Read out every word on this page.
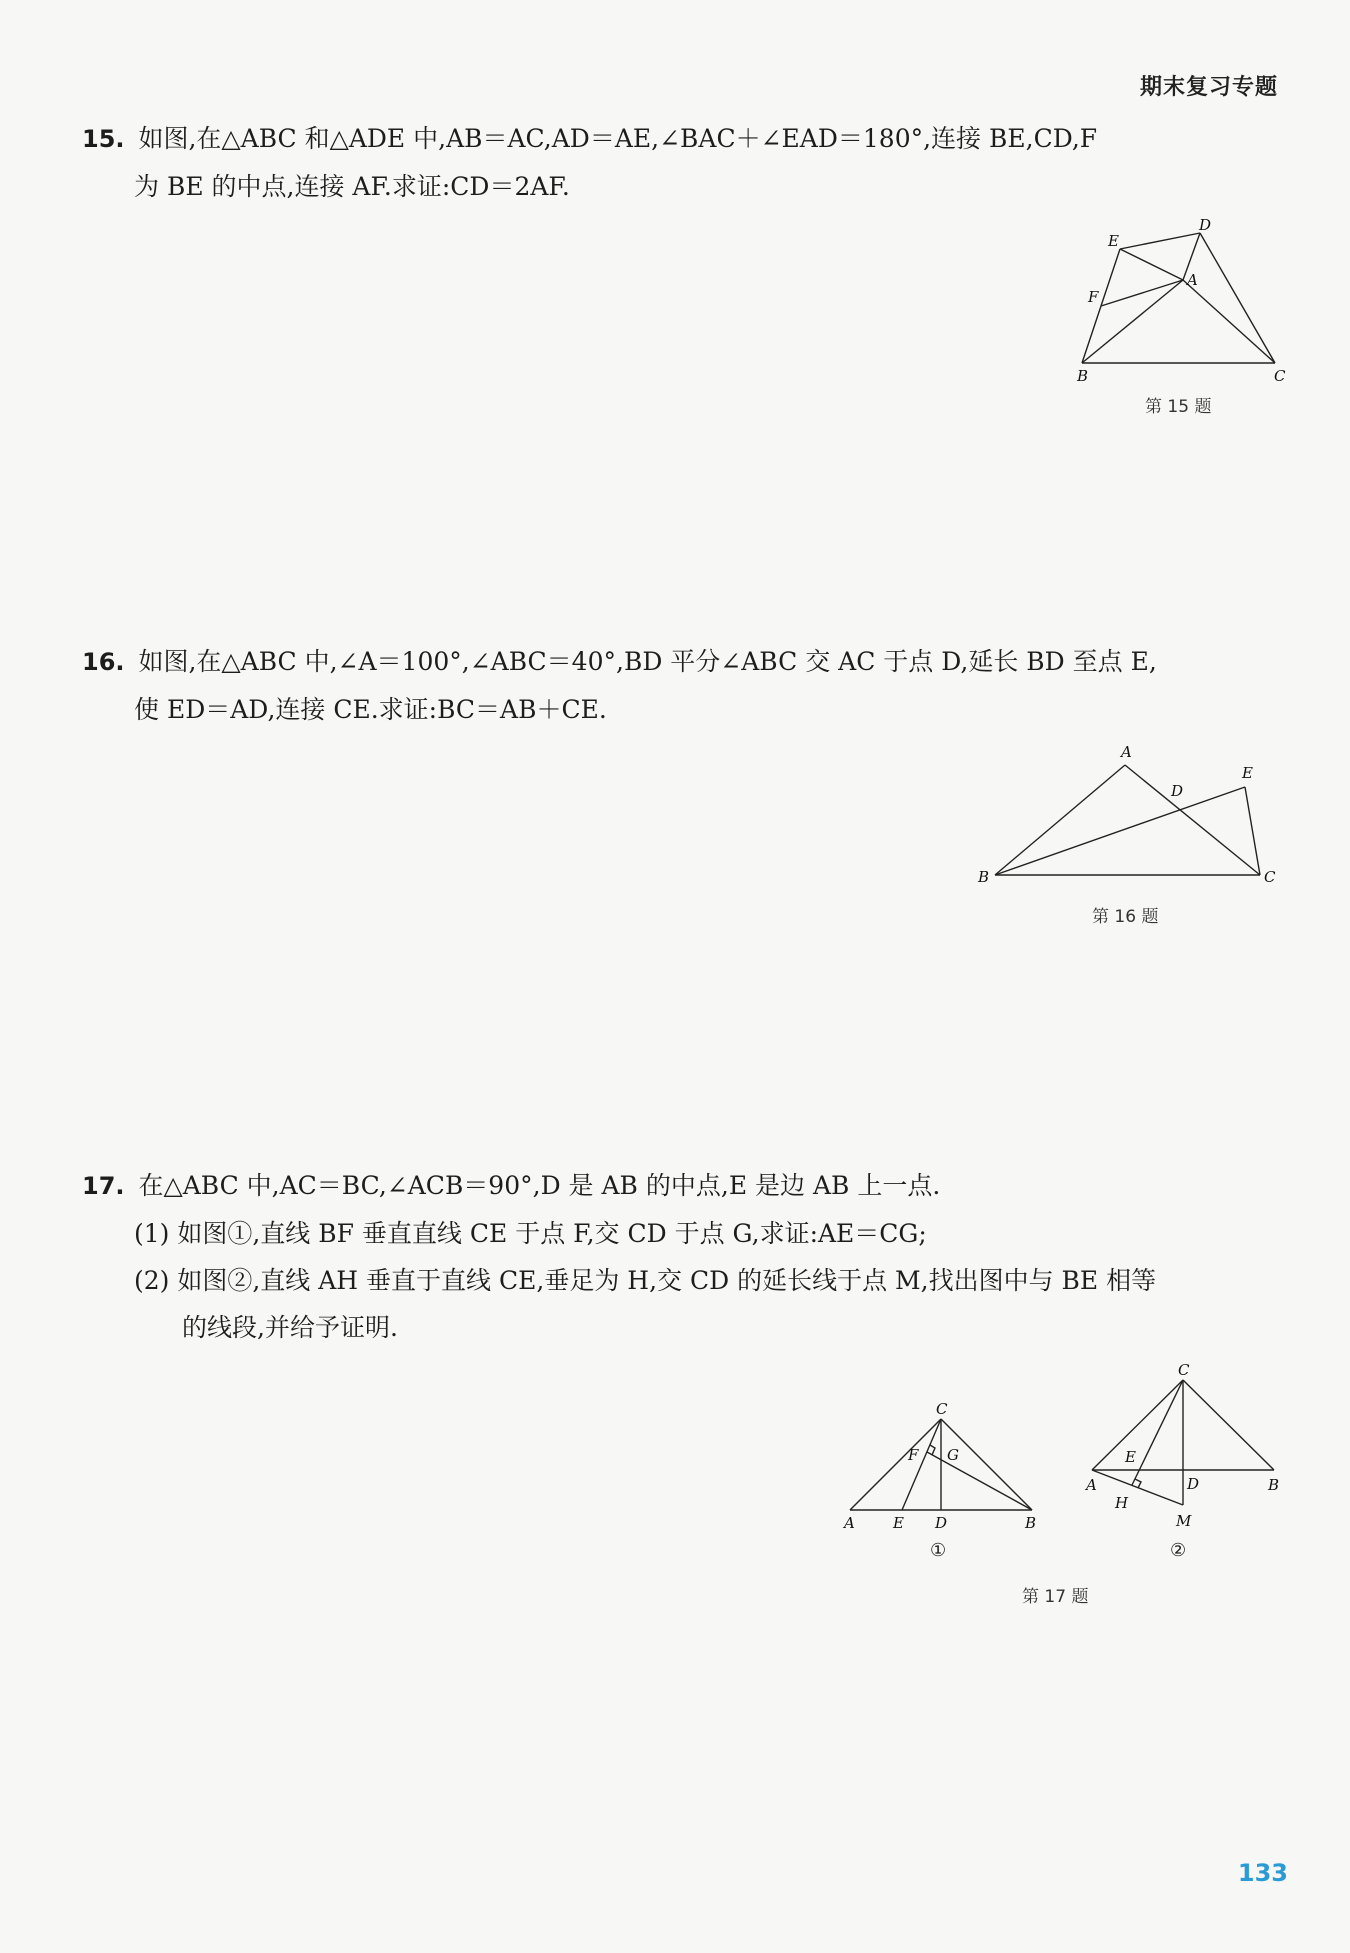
期末复习专题
15. 如图,在△ABC 和△ADE 中,AB＝AC,AD＝AE,∠BAC＋∠EAD＝180°,连接 BE,CD,F
为 BE 的中点,连接 AF.求证:CD＝2AF.
E
D
A
F
B	C
第 15 题
16. 如图,在△ABC 中,∠A＝100°,∠ABC＝40°,BD 平分∠ABC 交 AC 于点 D,延长 BD 至点 E,
使 ED＝AD,连接 CE.求证:BC＝AB＋CE.
A
E
D
B	C
第 16 题
17. 在△ABC 中,AC＝BC,∠ACB＝90°,D 是 AB 的中点,E 是边 AB 上一点.
(1) 如图①,直线 BF 垂直直线 CE 于点 F,交 CD 于点 G,求证:AE＝CG;
(2) 如图②,直线 AH 垂直于直线 CE,垂足为 H,交 CD 的延长线于点 M,找出图中与 BE 相等
的线段,并给予证明.
C
F G
A	E D	B
①
C
E
A	D	B
H
M
②
第 17 题
133
